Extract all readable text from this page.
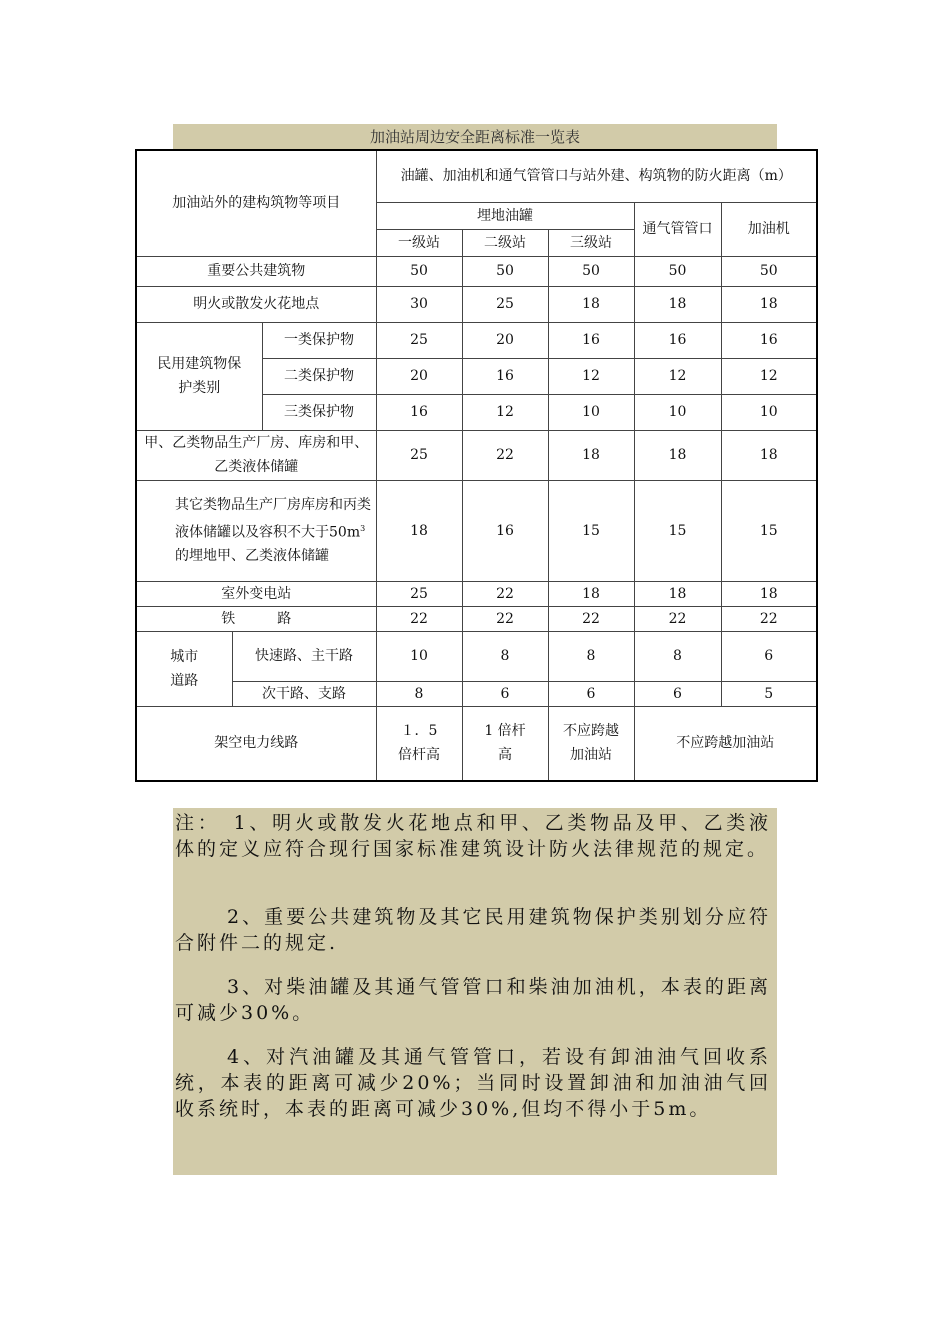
加油站周边安全距离标准一览表
加油站外的建构筑物等项目			油罐、加油机和通气管管口与站外建、构筑物的防火距离（m）				
			埋地油罐			通气管管口	加油机
			一级站	二级站	三级站		
重要公共建筑物			50	50	50	50	50
明火或散发火花地点			30	25	18	18	18
民用建筑物保护类别		一类保护物	25	20	16	16	16
		二类保护物	20	16	12	12	12
		三类保护物	16	12	10	10	10
甲、乙类物品生产厂房、库房和甲、乙类液体储罐			25	22	18	18	18
其它类物品生产厂房库房和丙类液体储罐以及容积不大于$50m^3$的埋地甲、乙类液体储罐			18	16	15	15	15
室外变电站			25	22	18	18	18
铁　　　路			22	22	22	22	22
城市道路	快速路、主干路		10	8	8	8	6
	次干路、支路		8	6	6	6	5
架空电力线路			１．5倍杆高	1 倍杆高	不应跨越加油站	不应跨越加油站	
注：　1、明火或散发火花地点和甲、乙类物品及甲、乙类液体的定义应符合现行国家标准建筑设计防火法律规范的规定。
2、重要公共建筑物及其它民用建筑物保护类别划分应符合附件二的规定.
3、对柴油罐及其通气管管口和柴油加油机，本表的距离可减少30%。
4、对汽油罐及其通气管管口，若设有卸油油气回收系统，本表的距离可减少20%；当同时设置卸油和加油油气回收系统时，本表的距离可减少30%,但均不得小于5m。
